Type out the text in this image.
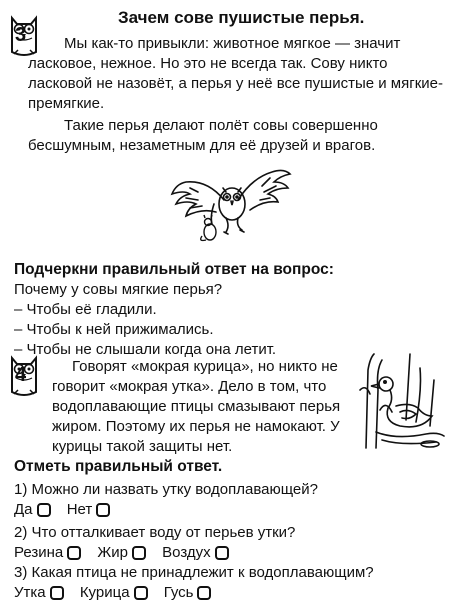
3
Зачем сове пушистые перья.
Мы как-то привыкли: животное мягкое — значит ласковое, нежное. Но это не всегда так. Сову никто ласковой не назовёт, а перья у неё все пушистые и мягкие-премягкие.
Такие перья делают полёт совы совершенно бесшумным, незаметным для её друзей и врагов.
Подчеркни правильный ответ на вопрос:
Почему у совы мягкие перья?
– Чтобы её гладили.
– Чтобы к ней прижимались.
– Чтобы не слышали когда она летит.
4	Говорят «мокрая курица», но никто не говорит «мокрая утка». Дело в том, что водоплавающие птицы смазывают перья жиром. Поэтому их перья не намокают. У курицы такой защиты нет.
Отметь правильный ответ.
1) Можно ли назвать утку водоплавающей?
Да Нет
2) Что отталкивает воду от перьев утки?
Резина Жир Воздух
3) Какая птица не принадлежит к водоплавающим?
Утка Курица Гусь
